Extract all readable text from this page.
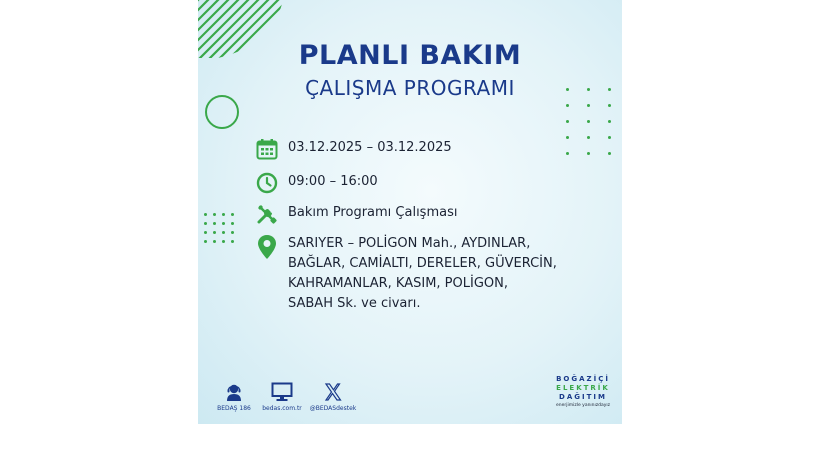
PLANLI BAKIM
ÇALIŞMA PROGRAMI
03.12.2025 – 03.12.2025
09:00 – 16:00
Bakım Programı Çalışması
SARIYER – POLİGON Mah., AYDINLAR,
BAĞLAR, CAMİALTI, DERELER, GÜVERCİN,
KAHRAMANLAR, KASIM, POLİGON,
SABAH Sk. ve civarı.
BEDAŞ 186	bedas.com.tr	@BEDASdestek
BOĞAZİÇİ
ELEKTRİK
DAĞITIM
enerjimizle yanınızdayız
